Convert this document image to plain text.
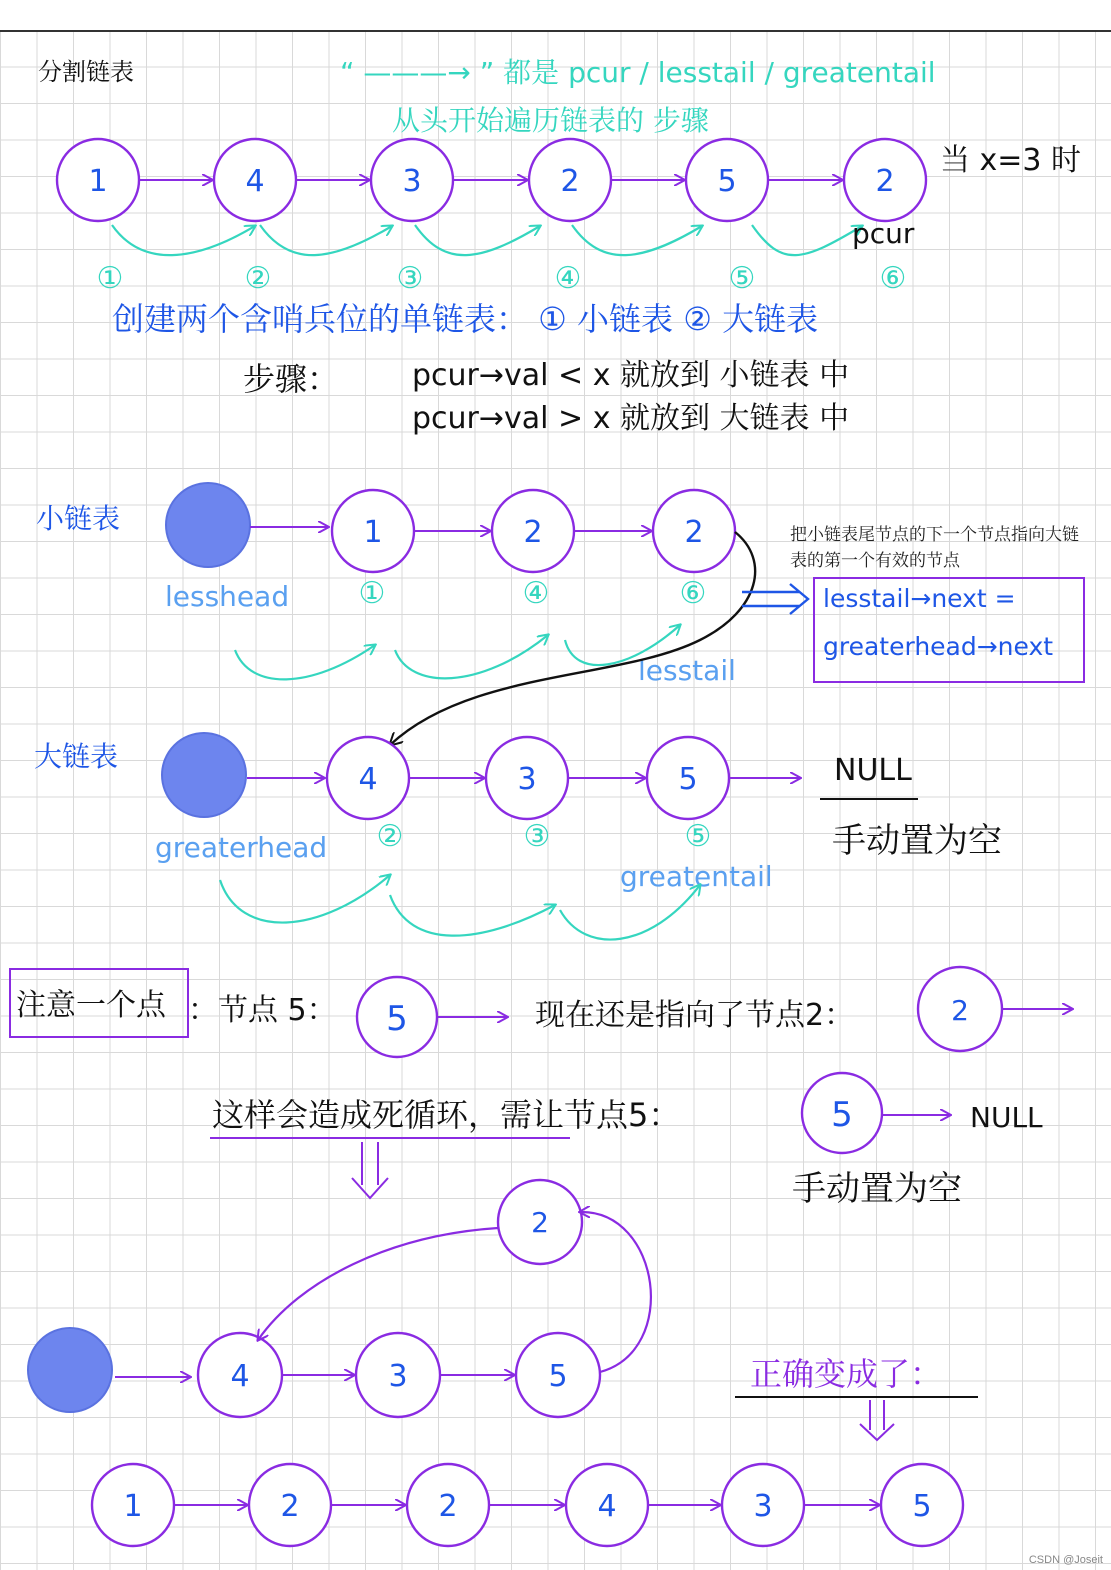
分割链表	“ ———→ ” 都是 pcur / lesstail / greatentail
从头开始遍历链表的 步骤
当 x=3 时
1	4	3	2	5	2
pcur
①	②	③	④	⑤	⑥
创建两个含哨兵位的单链表： ① 小链表 ② 大链表
步骤： pcur→val < x 就放到 小链表 中
pcur→val > x 就放到 大链表 中
小链表
lesshead
1	2	2
①	④	⑥
lesstail
大链表
greaterhead
4	3	5
②	③	⑤
greatentail
NULL
手动置为空
注意一个点 ：节点 5： 5	现在还是指向了节点2：	2
这样会造成死循环，需让节点5：	5	NULL
手动置为空
4	3	5
2
正确变成了：
1	2	2	4	3	5
CSDN @Joseit
把小链表尾节点的下一个节点指向大链表的第一个有效的节点
lesstail→next =
greaterhead→next
